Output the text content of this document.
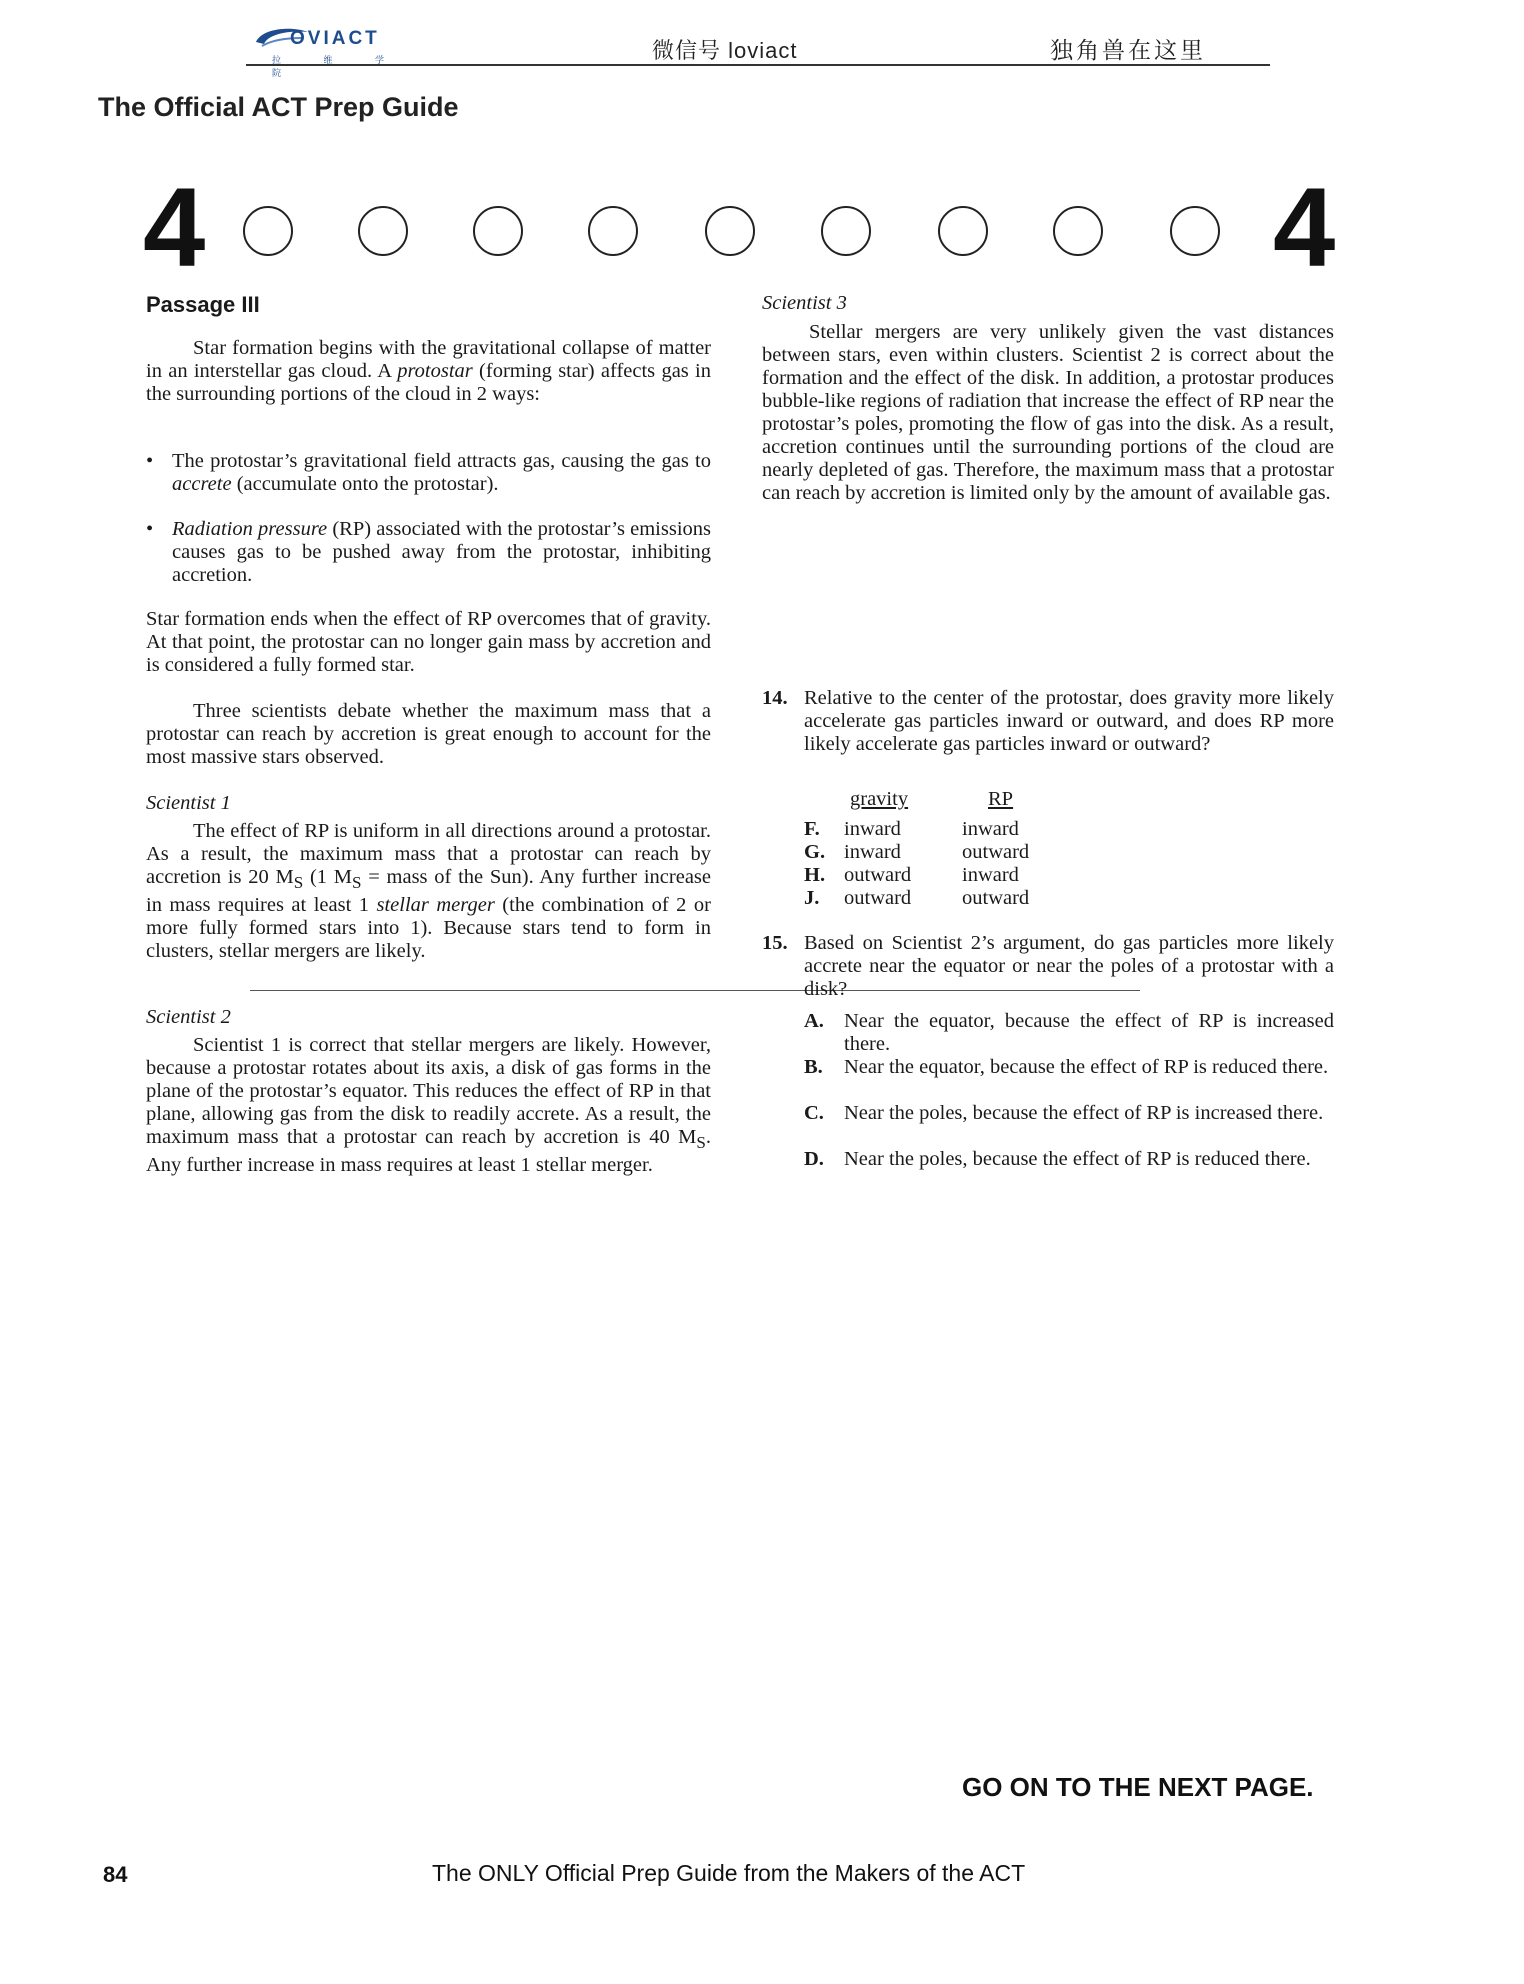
OVIACT
拉 维 学 院
微信号 loviact	独角兽在这里
The Official ACT Prep Guide
4	4
Passage III

Star formation begins with the gravitational collapse of matter in an interstellar gas cloud. A protostar (forming star) affects gas in the surrounding portions of the cloud in 2 ways:

• The protostar’s gravitational field attracts gas, causing the gas to accrete (accumulate onto the protostar).
• Radiation pressure (RP) associated with the protostar’s emissions causes gas to be pushed away from the protostar, inhibiting accretion.

Star formation ends when the effect of RP overcomes that of gravity. At that point, the protostar can no longer gain mass by accretion and is considered a fully formed star.

Three scientists debate whether the maximum mass that a protostar can reach by accretion is great enough to account for the most massive stars observed.

Scientist 1

The effect of RP is uniform in all directions around a protostar. As a result, the maximum mass that a protostar can reach by accretion is 20 $M_S$ (1 $M_S$ = mass of the Sun). Any further increase in mass requires at least 1 stellar merger (the combination of 2 or more fully formed stars into 1). Because stars tend to form in clusters, stellar mergers are likely.

Scientist 2

Scientist 1 is correct that stellar mergers are likely. However, because a protostar rotates about its axis, a disk of gas forms in the plane of the protostar’s equator. This reduces the effect of RP in that plane, allowing gas from the disk to readily accrete. As a result, the maximum mass that a protostar can reach by accretion is 40 $M_S$. Any further increase in mass requires at least 1 stellar merger.

Scientist 3

Stellar mergers are very unlikely given the vast distances between stars, even within clusters. Scientist 2 is correct about the formation and the effect of the disk. In addition, a protostar produces bubble-like regions of radiation that increase the effect of RP near the protostar’s poles, promoting the flow of gas into the disk. As a result, accretion continues until the surrounding portions of the cloud are nearly depleted of gas. Therefore, the maximum mass that a protostar can reach by accretion is limited only by the amount of available gas.

14. Relative to the center of the protostar, does gravity more likely accelerate gas particles inward or outward, and does RP more likely accelerate gas particles inward or outward?
gravity	RP
F. inward	inward
G. inward	outward
H. outward inward
J. outward outward
15. Based on Scientist 2’s argument, do gas particles more likely accrete near the equator or near the poles of a protostar with a disk?
A. Near the equator, because the effect of RP is increased there.
B. Near the equator, because the effect of RP is reduced there.
C. Near the poles, because the effect of RP is increased there.
D. Near the poles, because the effect of RP is reduced there.
GO ON TO THE NEXT PAGE.
84	The ONLY Official Prep Guide from the Makers of the ACT
